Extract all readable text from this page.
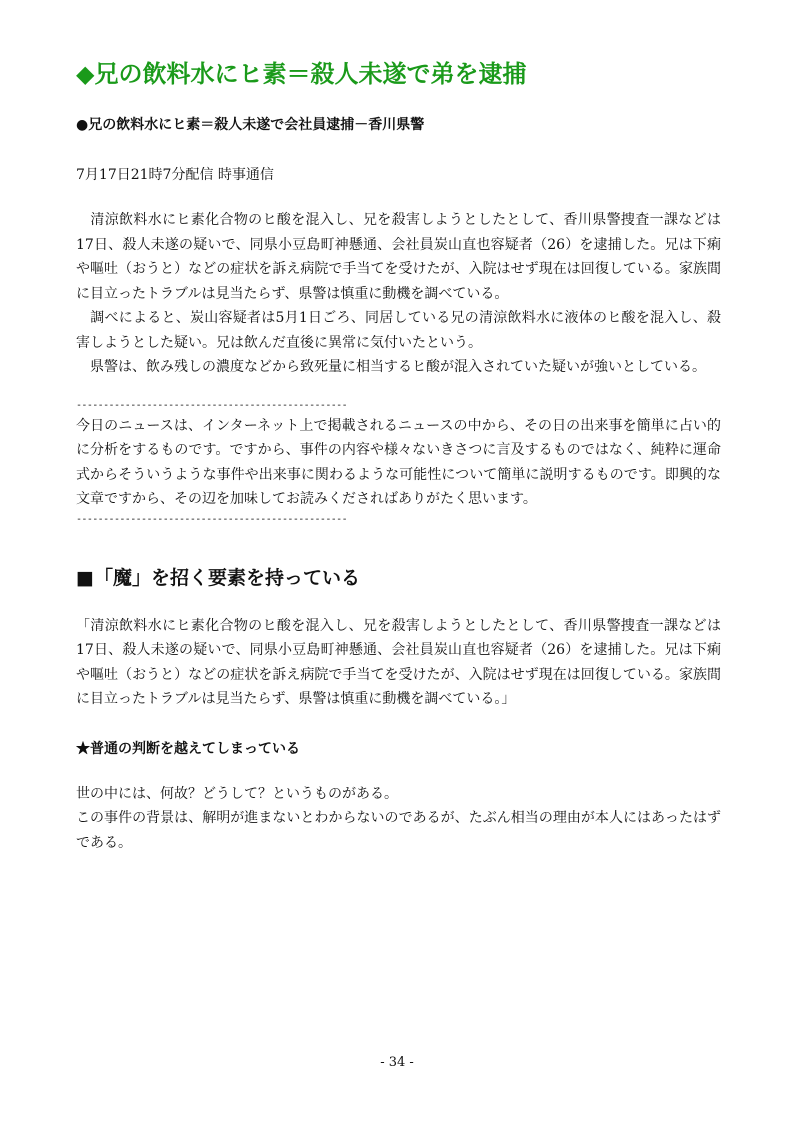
◆兄の飲料水にヒ素＝殺人未遂で弟を逮捕
●兄の飲料水にヒ素＝殺人未遂で会社員逮捕－香川県警
7月17日21時7分配信 時事通信

　清涼飲料水にヒ素化合物のヒ酸を混入し、兄を殺害しようとしたとして、香川県警捜査一課などは17日、殺人未遂の疑いで、同県小豆島町神懸通、会社員炭山直也容疑者（26）を逮捕した。兄は下痢や嘔吐（おうと）などの症状を訴え病院で手当てを受けたが、入院はせず現在は回復している。家族間に目立ったトラブルは見当たらず、県警は慎重に動機を調べている。

　調べによると、炭山容疑者は5月1日ごろ、同居している兄の清涼飲料水に液体のヒ酸を混入し、殺害しようとした疑い。兄は飲んだ直後に異常に気付いたという。

　県警は、飲み残しの濃度などから致死量に相当するヒ酸が混入されていた疑いが強いとしている。

--------------------------------------------------

今日のニュースは、インターネット上で掲載されるニュースの中から、その日の出来事を簡単に占い的に分析をするものです。ですから、事件の内容や様々ないきさつに言及するものではなく、純粋に運命式からそういうような事件や出来事に関わるような可能性について簡単に説明するものです。即興的な文章ですから、その辺を加味してお読みくださればありがたく思います。

--------------------------------------------------
■「魔」を招く要素を持っている

「清涼飲料水にヒ素化合物のヒ酸を混入し、兄を殺害しようとしたとして、香川県警捜査一課などは17日、殺人未遂の疑いで、同県小豆島町神懸通、会社員炭山直也容疑者（26）を逮捕した。兄は下痢や嘔吐（おうと）などの症状を訴え病院で手当てを受けたが、入院はせず現在は回復している。家族間に目立ったトラブルは見当たらず、県警は慎重に動機を調べている。」

★普通の判断を越えてしまっている

世の中には、何故？どうして？というものがある。

この事件の背景は、解明が進まないとわからないのであるが、たぶん相当の理由が本人にはあったはずである。

- 34 -
